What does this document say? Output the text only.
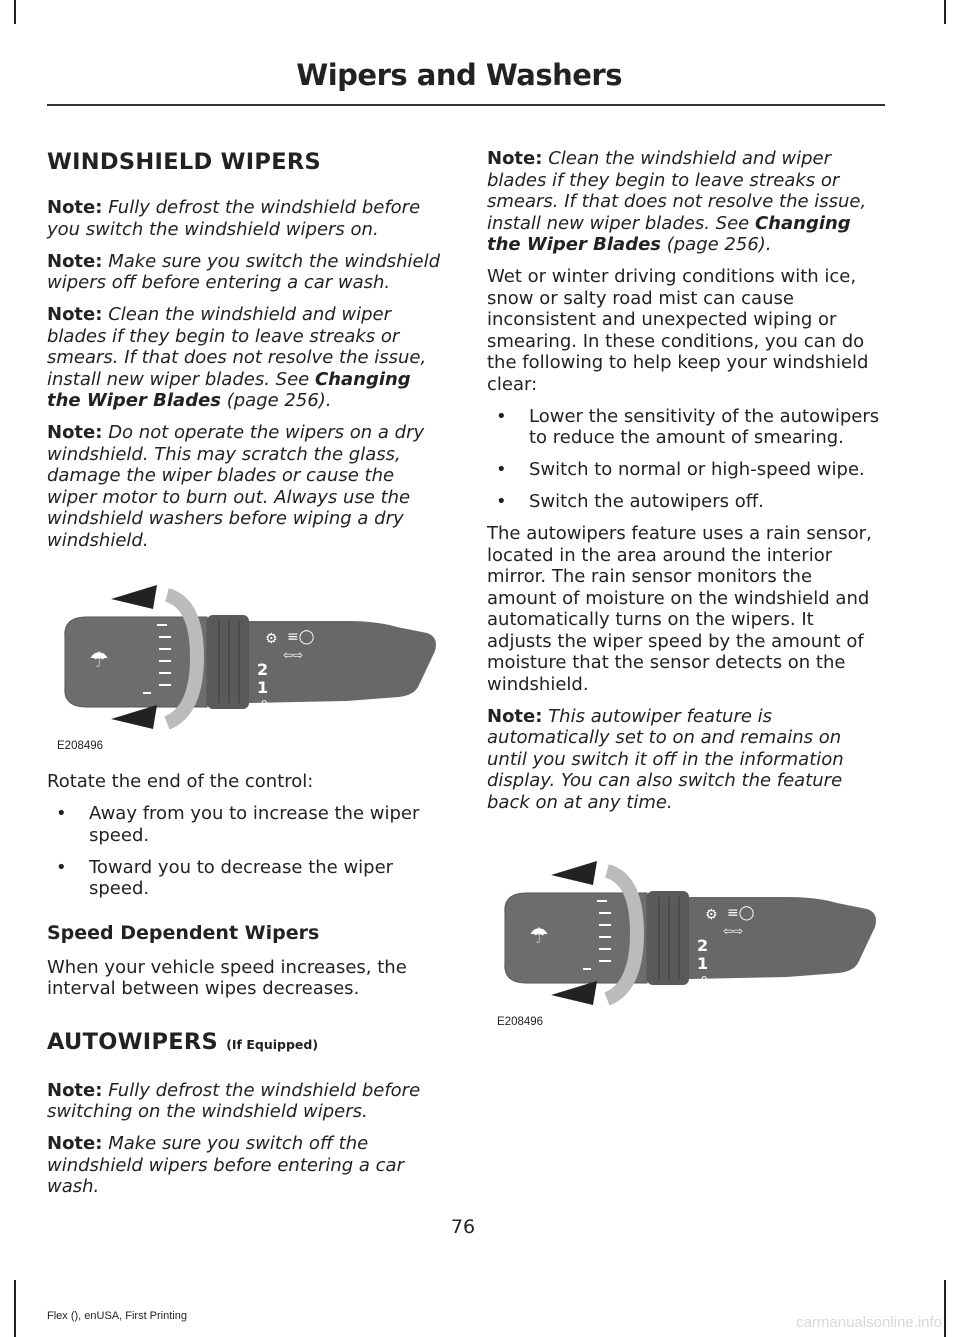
Wipers and Washers
WINDSHIELD WIPERS

Note: Fully defrost the windshield before you switch the windshield wipers on.

Note: Make sure you switch the windshield wipers off before entering a car wash.

Note: Clean the windshield and wiper blades if they begin to leave streaks or smears. If that does not resolve the issue, install new wiper blades. See Changing the Wiper Blades (page 256).

Note: Do not operate the wipers on a dry windshield. This may scratch the glass, damage the wiper blades or cause the wiper motor to burn out. Always use the windshield washers before wiping a dry windshield.

☂
⚙ ≡◯
⇦⇨
2
1
0
E208496

Rotate the end of the control:

• Away from you to increase the wiper speed.
• Toward you to decrease the wiper speed.
Speed Dependent Wipers

When your vehicle speed increases, the interval between wipes decreases.

AUTOWIPERS (If Equipped)

Note: Fully defrost the windshield before switching on the windshield wipers.

Note: Make sure you switch off the windshield wipers before entering a car wash.

Note: Clean the windshield and wiper blades if they begin to leave streaks or smears. If that does not resolve the issue, install new wiper blades. See Changing the Wiper Blades (page 256).

Wet or winter driving conditions with ice, snow or salty road mist can cause inconsistent and unexpected wiping or smearing. In these conditions, you can do the following to help keep your windshield clear:

• Lower the sensitivity of the autowipers to reduce the amount of smearing.
• Switch to normal or high-speed wipe.
• Switch the autowipers off.

The autowipers feature uses a rain sensor, located in the area around the interior mirror. The rain sensor monitors the amount of moisture on the windshield and automatically turns on the wipers. It adjusts the wiper speed by the amount of moisture that the sensor detects on the windshield.

Note: This autowiper feature is automatically set to on and remains on until you switch it off in the information display. You can also switch the feature back on at any time.

☂
⚙ ≡◯
⇦⇨
2
1
0
E208496
76
Flex (), enUSA, First Printing	carmanualsonline.info
